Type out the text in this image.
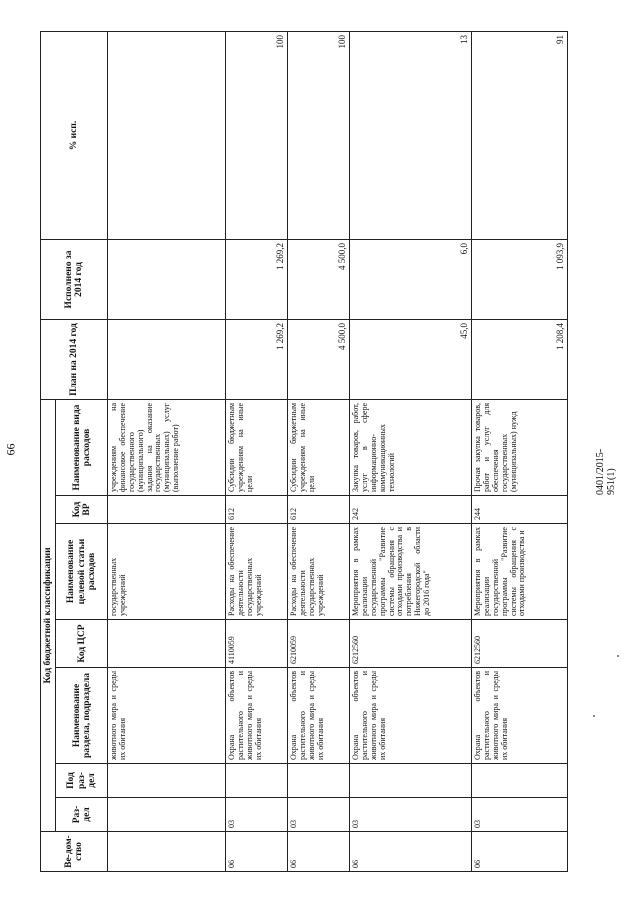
66	0401/2015-951(1)
Ве-дом-ство	Код бюджетной классификации							План на 2014 год	Исполнено за 2014 год	% исп.
	Раз-дел	Под раз-дел	Наименование раздела, подраздела	Код ЦСР	Наименование целевой статьи расходов	Код ВР	Наименование вида расходов			
			животного мира и среды их обитания		государственных учреждений		учреждениям на финансовое обеспечение государственного (муниципального) задания на оказание государственных (муниципальных) услуг (выполнение работ)			
06	03		Охрана объектов растительного и животного мира и среды их обитания	4110059	Расходы на обеспечение деятельности государственных учреждений	612	Субсидии бюджетным учреждениям на иные цели	1 269,2	1 269,2	100
06	03		Охрана объектов растительного и животного мира и среды их обитания	6210059	Расходы на обеспечение деятельности государственных учреждений	612	Субсидии бюджетным учреждениям на иные цели	4 500,0	4 500,0	100
06	03		Охрана объектов растительного и животного мира и среды их обитания	6212560	Мероприятия в рамках реализации государственной программы "Развитие системы обращения с отходами производства и потребления в Нижегородской области до 2016 года"	242	Закупка товаров, работ, услуг в сфере информационно-коммуникационных технологий	45,0	6,0	13
06	03		Охрана объектов растительного и животного мира и среды их обитания	6212560	Мероприятия в рамках реализации государственной программы "Развитие системы обращения с отходами производства и	244	Прочая закупка товаров, работ и услуг для обеспечения государственных (муниципальных) нужд	1 208,4	1 093,9	91
